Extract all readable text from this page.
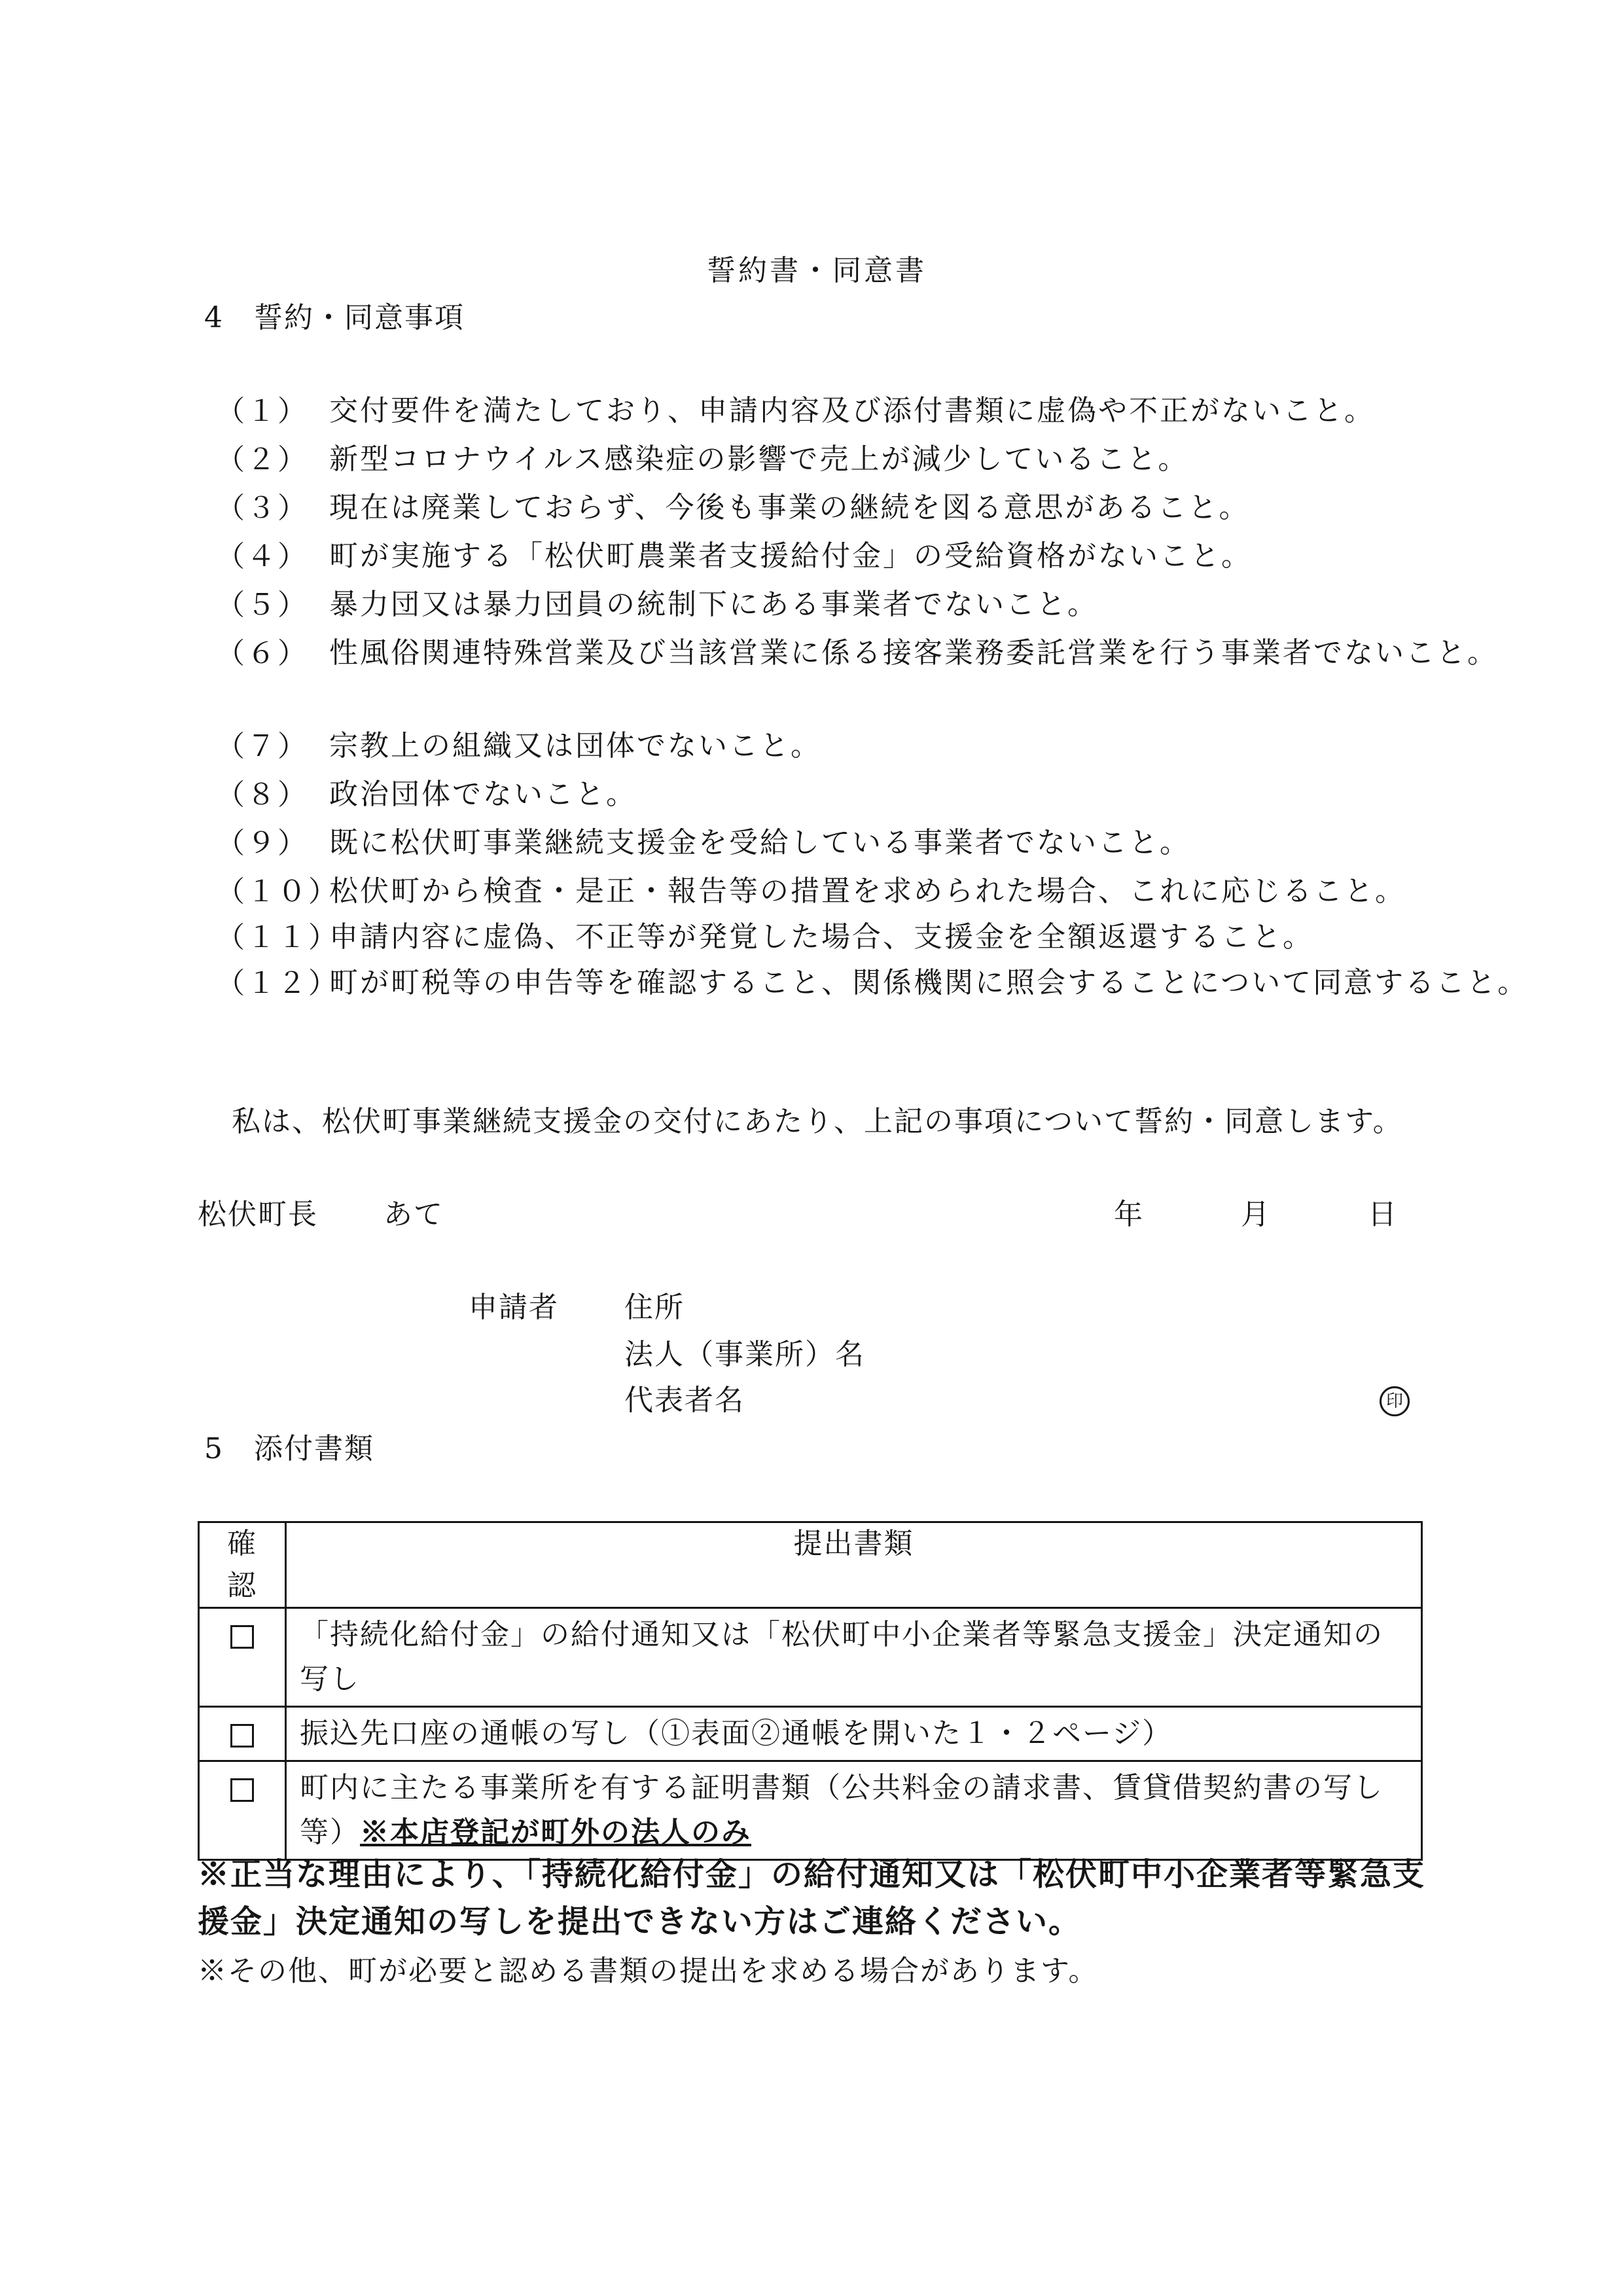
誓約書・同意書
4　誓約・同意事項
（１） 交付要件を満たしており、申請内容及び添付書類に虚偽や不正がないこと。
（２） 新型コロナウイルス感染症の影響で売上が減少していること。
（３） 現在は廃業しておらず、今後も事業の継続を図る意思があること。
（４） 町が実施する「松伏町農業者支援給付金」の受給資格がないこと。
（５） 暴力団又は暴力団員の統制下にある事業者でないこと。
（６） 性風俗関連特殊営業及び当該営業に係る接客業務委託営業を行う事業者でないこと。
（７） 宗教上の組織又は団体でないこと。
（８） 政治団体でないこと。
（９） 既に松伏町事業継続支援金を受給している事業者でないこと。
（１０）
松伏町から検査・是正・報告等の措置を求められた場合、これに応じること。
（１１）
申請内容に虚偽、不正等が発覚した場合、支援金を全額返還すること。
（１２）
町が町税等の申告等を確認すること、関係機関に照会することについて同意すること。
私は、松伏町事業継続支援金の交付にあたり、上記の事項について誓約・同意します。
松伏町長 あて	年	月	日
申請者 住所
法人（事業所）名
代表者名	印
5　添付書類
確認	提出書類
	「持続化給付金」の給付通知又は「松伏町中小企業者等緊急支援金」決定通知の写し
	振込先口座の通帳の写し（①表面②通帳を開いた１・２ページ）
	町内に主たる事業所を有する証明書類（公共料金の請求書、賃貸借契約書の写し等）※本店登記が町外の法人のみ
※正当な理由により、「持続化給付金」の給付通知又は「松伏町中小企業者等緊急支援金」決定通知の写しを提出できない方はご連絡ください。
※その他、町が必要と認める書類の提出を求める場合があります。
